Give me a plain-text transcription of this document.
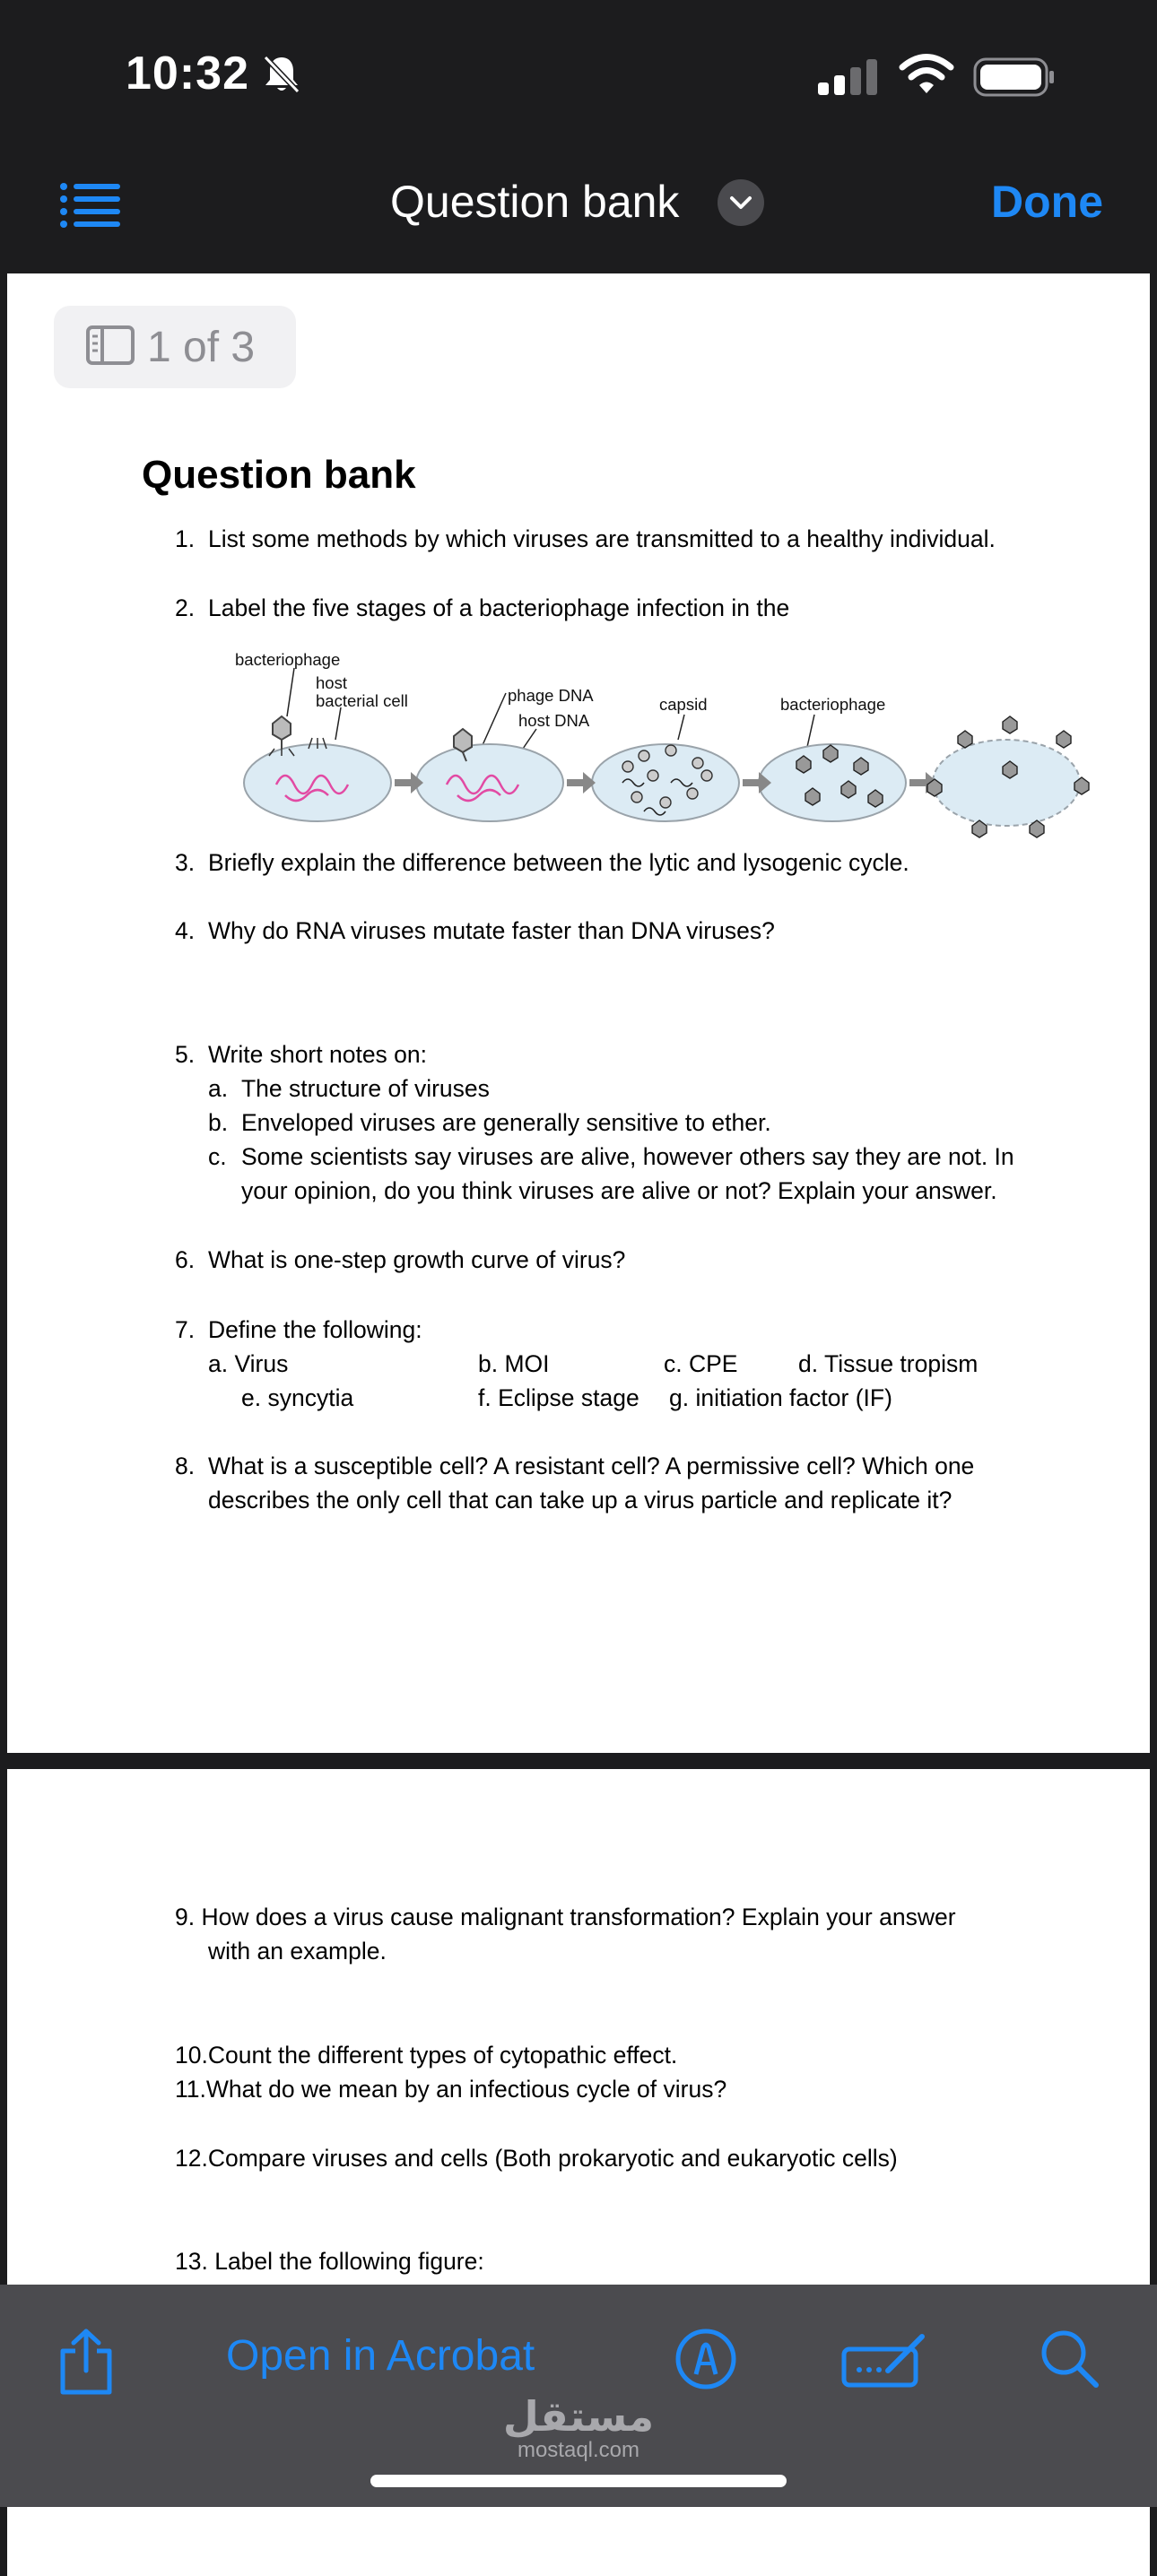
10:32
Question bank	Done
1 of 3
Question bank
1. List some methods by which viruses are transmitted to a healthy individual.
2. Label the five stages of a bacteriophage infection in the
bacteriophage
host
bacterial cell	phage DNA
host DNA
capsid	bacteriophage
3. Briefly explain the difference between the lytic and lysogenic cycle.
4. Why do RNA viruses mutate faster than DNA viruses?
5. Write short notes on:
a. The structure of viruses
b. Enveloped viruses are generally sensitive to ether.
c. Some scientists say viruses are alive, however others say they are not. In
your opinion, do you think viruses are alive or not? Explain your answer.
6. What is one-step growth curve of virus?
7. Define the following:
a. Virus	b. MOI	c. CPE	d. Tissue tropism
e. syncytia	f. Eclipse stage g. initiation factor (IF)
8. What is a susceptible cell? A resistant cell? A permissive cell? Which one
describes the only cell that can take up a virus particle and replicate it?
9. How does a virus cause malignant transformation? Explain your answer
with an example.
10.Count the different types of cytopathic effect.
11.What do we mean by an infectious cycle of virus?
12.Compare viruses and cells (Both prokaryotic and eukaryotic cells)
13. Label the following figure:
Open in Acrobat
مستقل
mostaql.com
